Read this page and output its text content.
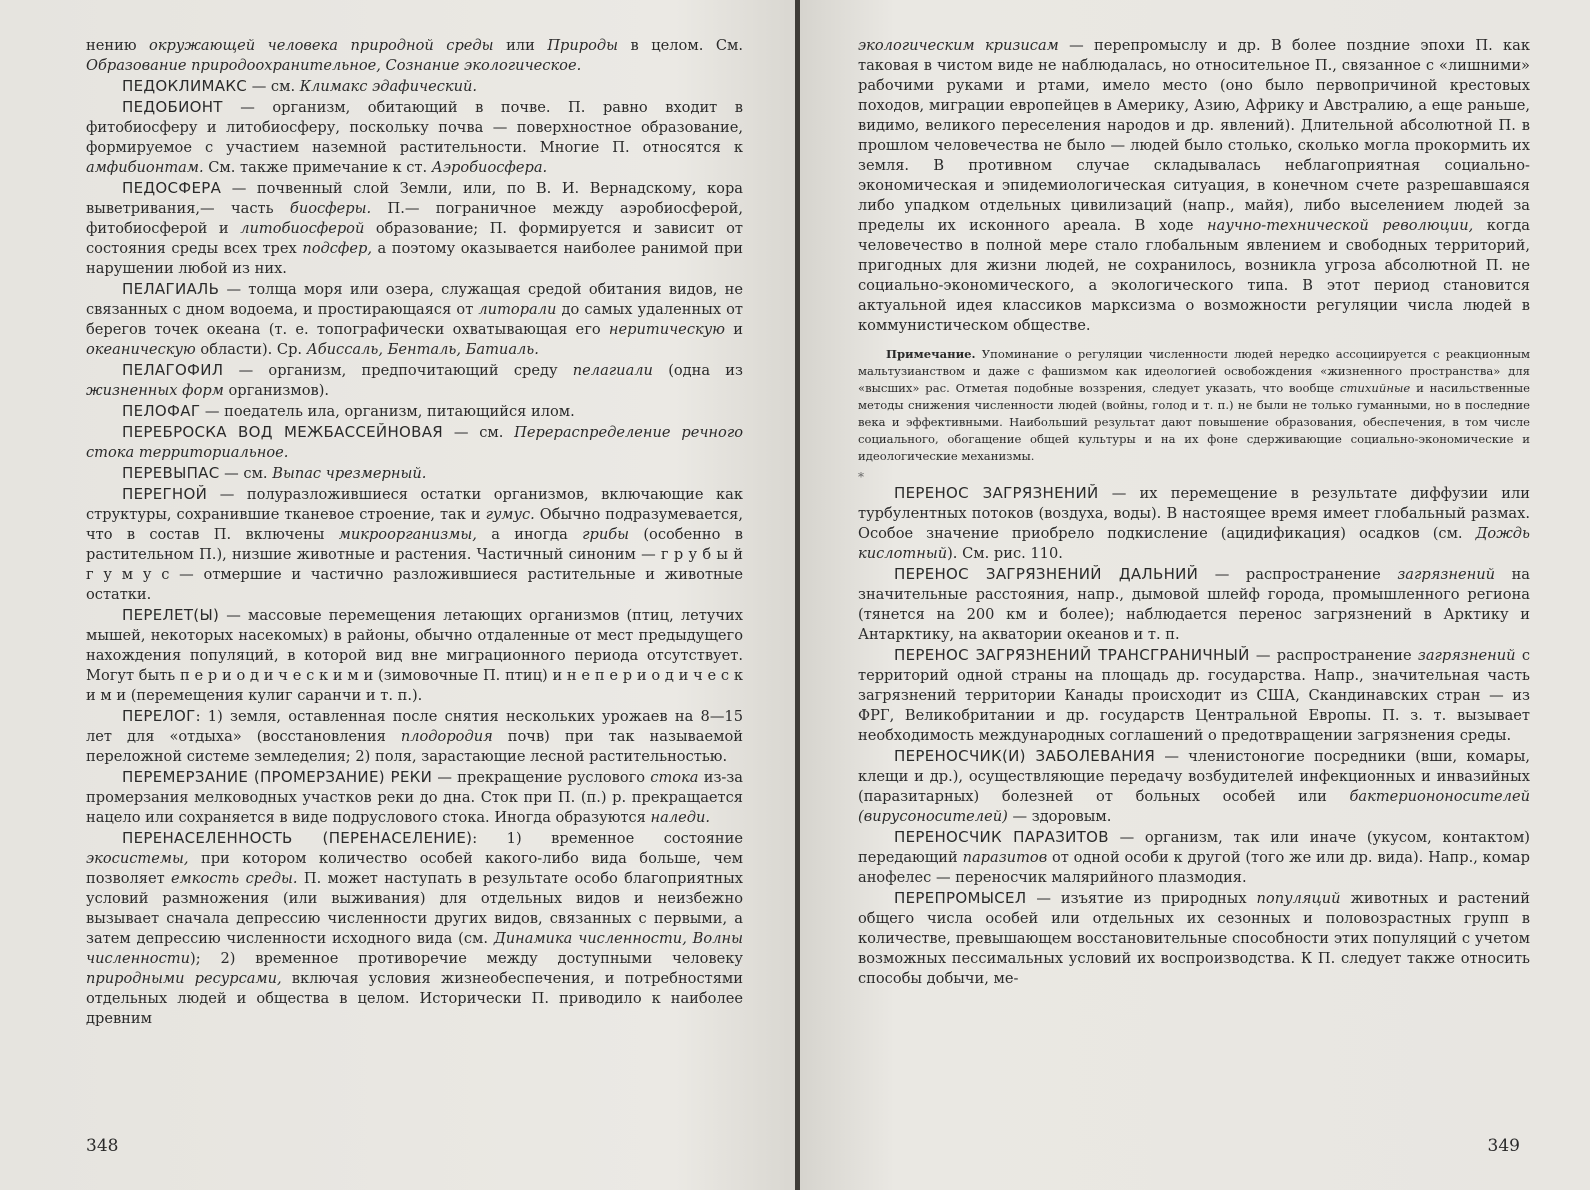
нению окружающей человека природной среды или Природы в целом. См. Образование природоохранительное, Сознание экологическое.

ПЕДОКЛИМАКС — см. Климакс эдафический.

ПЕДОБИОНТ — организм, обитающий в почве. П. равно входит в фитобиосферу и литобиосферу, поскольку почва — поверхностное образование, формируемое с участием наземной растительности. Многие П. относятся к амфибионтам. См. также примечание к ст. Аэробиосфера.

ПЕДОСФЕРА — почвенный слой Земли, или, по В. И. Вернадскому, кора выветривания,— часть биосферы. П.— пограничное между аэробиосферой, фитобиосферой и литобиосферой образование; П. формируется и зависит от состояния среды всех трех подсфер, а поэтому оказывается наиболее ранимой при нарушении любой из них.

ПЕЛАГИАЛЬ — толща моря или озера, служащая средой обитания видов, не связанных с дном водоема, и простирающаяся от литорали до самых удаленных от берегов точек океана (т. е. топографически охватывающая его неритическую и океаническую области). Ср. Абиссаль, Бенталь, Батиаль.

ПЕЛАГОФИЛ — организм, предпочитающий среду пелагиали (одна из жизненных форм организмов).

ПЕЛОФАГ — поедатель ила, организм, питающийся илом.

ПЕРЕБРОСКА ВОД МЕЖБАССЕЙНОВАЯ — см. Перераспределение речного стока территориальное.

ПЕРЕВЫПАС — см. Выпас чрезмерный.

ПЕРЕГНОЙ — полуразложившиеся остатки организмов, включающие как структуры, сохранившие тканевое строение, так и гумус. Обычно подразумевается, что в состав П. включены микроорганизмы, а иногда грибы (особенно в растительном П.), низшие животные и растения. Частичный синоним — г р у б ы й г у м у с — отмершие и частично разложившиеся растительные и животные остатки.

ПЕРЕЛЕТ(Ы) — массовые перемещения летающих организмов (птиц, летучих мышей, некоторых насекомых) в районы, обычно отдаленные от мест предыдущего нахождения популяций, в которой вид вне миграционного периода отсутствует. Могут быть п е р и о д и ч е с к и м и (зимовочные П. птиц) и н е п е р и о д и ч е с к и м и (перемещения кулиг саранчи и т. п.).

ПЕРЕЛОГ: 1) земля, оставленная после снятия нескольких урожаев на 8—15 лет для «отдыха» (восстановления плодородия почв) при так называемой переложной системе земледелия; 2) поля, зарастающие лесной растительностью.

ПЕРЕМЕРЗАНИЕ (ПРОМЕРЗАНИЕ) РЕКИ — прекращение руслового стока из-за промерзания мелководных участков реки до дна. Сток при П. (п.) р. прекращается нацело или сохраняется в виде подруслового стока. Иногда образуются наледи.

ПЕРЕНАСЕЛЕННОСТЬ (ПЕРЕНАСЕЛЕНИЕ): 1) временное состояние экосистемы, при котором количество особей какого-либо вида больше, чем позволяет емкость среды. П. может наступать в результате особо благоприятных условий размножения (или выживания) для отдельных видов и неизбежно вызывает сначала депрессию численности других видов, связанных с первыми, а затем депрессию численности исходного вида (см. Динамика численности, Волны численности); 2) временное противоречие между доступными человеку природными ресурсами, включая условия жизнеобеспечения, и потребностями отдельных людей и общества в целом. Исторически П. приводило к наиболее древним

348

экологическим кризисам — перепромыслу и др. В более поздние эпохи П. как таковая в чистом виде не наблюдалась, но относительное П., связанное с «лишними» рабочими руками и ртами, имело место (оно было первопричиной крестовых походов, миграции европейцев в Америку, Азию, Африку и Австралию, а еще раньше, видимо, великого переселения народов и др. явлений). Длительной абсолютной П. в прошлом человечества не было — людей было столько, сколько могла прокормить их земля. В противном случае складывалась неблагоприятная социально-экономическая и эпидемиологическая ситуация, в конечном счете разрешавшаяся либо упадком отдельных цивилизаций (напр., майя), либо выселением людей за пределы их исконного ареала. В ходе научно-технической революции, когда человечество в полной мере стало глобальным явлением и свободных территорий, пригодных для жизни людей, не сохранилось, возникла угроза абсолютной П. не социально-экономического, а экологического типа. В этот период становится актуальной идея классиков марксизма о возможности регуляции числа людей в коммунистическом обществе.

Примечание. Упоминание о регуляции численности людей нередко ассоциируется с реакционным мальтузианством и даже с фашизмом как идеологией освобождения «жизненного пространства» для «высших» рас. Отметая подобные воззрения, следует указать, что вообще стихийные и насильственные методы снижения численности людей (войны, голод и т. п.) не были не только гуманными, но в последние века и эффективными. Наибольший результат дают повышение образования, обеспечения, в том числе социального, обогащение общей культуры и на их фоне сдерживающие социально-экономические и идеологические механизмы.

*

ПЕРЕНОС ЗАГРЯЗНЕНИЙ — их перемещение в результате диффузии или турбулентных потоков (воздуха, воды). В настоящее время имеет глобальный размах. Особое значение приобрело подкисление (ацидификация) осадков (см. Дождь кислотный). См. рис. 110.

ПЕРЕНОС ЗАГРЯЗНЕНИЙ ДАЛЬНИЙ — распространение загрязнений на значительные расстояния, напр., дымовой шлейф города, промышленного региона (тянется на 200 км и более); наблюдается перенос загрязнений в Арктику и Антарктику, на акватории океанов и т. п.

ПЕРЕНОС ЗАГРЯЗНЕНИЙ ТРАНСГРАНИЧНЫЙ — распространение загрязнений с территорий одной страны на площадь др. государства. Напр., значительная часть загрязнений территории Канады происходит из США, Скандинавских стран — из ФРГ, Великобритании и др. государств Центральной Европы. П. з. т. вызывает необходимость международных соглашений о предотвращении загрязнения среды.

ПЕРЕНОСЧИК(И) ЗАБОЛЕВАНИЯ — членистоногие посредники (вши, комары, клещи и др.), осуществляющие передачу возбудителей инфекционных и инвазийных (паразитарных) болезней от больных особей или бактериононосителей (вирусоносителей) — здоровым.

ПЕРЕНОСЧИК ПАРАЗИТОВ — организм, так или иначе (укусом, контактом) передающий паразитов от одной особи к другой (того же или др. вида). Напр., комар анофелес — переносчик малярийного плазмодия.

ПЕРЕПРОМЫСЕЛ — изъятие из природных популяций животных и растений общего числа особей или отдельных их сезонных и половозрастных групп в количестве, превышающем восстановительные способности этих популяций с учетом возможных пессимальных условий их воспроизводства. К П. следует также относить способы добычи, ме-

349
